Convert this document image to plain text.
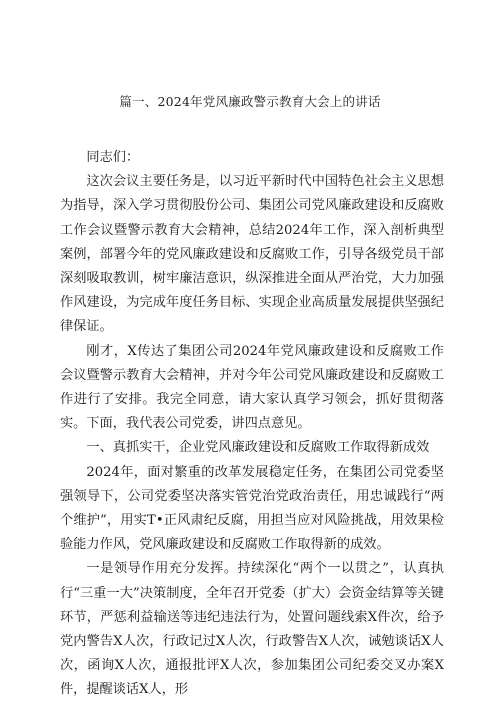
篇一、2024年党风廉政警示教育大会上的讲话

同志们：

这次会议主要任务是，以习近平新时代中国特色社会主义思想为指导，深入学习贯彻股份公司、集团公司党风廉政建设和反腐败工作会议暨警示教育大会精神，总结2024年工作，深入剖析典型案例，部署今年的党风廉政建设和反腐败工作，引导各级党员干部深刻吸取教训，树牢廉洁意识，纵深推进全面从严治党，大力加强作风建设，为完成年度任务目标、实现企业高质量发展提供坚强纪律保证。

刚才，X传达了集团公司2024年党风廉政建设和反腐败工作会议暨警示教育大会精神，并对今年公司党风廉政建设和反腐败工作进行了安排。我完全同意，请大家认真学习领会，抓好贯彻落实。下面，我代表公司党委，讲四点意见。

一、真抓实干，企业党风廉政建设和反腐败工作取得新成效

2024年，面对繁重的改革发展稳定任务，在集团公司党委坚强领导下，公司党委坚决落实管党治党政治责任，用忠诚践行“两个维护”，用实T•正风肃纪反腐，用担当应对风险挑战，用效果检验能力作风，党风廉政建设和反腐败工作取得新的成效。

一是领导作用充分发挥。持续深化“两个一以贯之”，认真执行“三重一大”决策制度，全年召开党委（扩大）会资金结算等关键环节，严惩利益输送等违纪违法行为，处置问题线索X件次，给予党内警告X人次，行政记过X人次，行政警告X人次，诫勉谈话X人次，函询X人次，通报批评X人次，参加集团公司纪委交叉办案X件，提醒谈话X人，形
